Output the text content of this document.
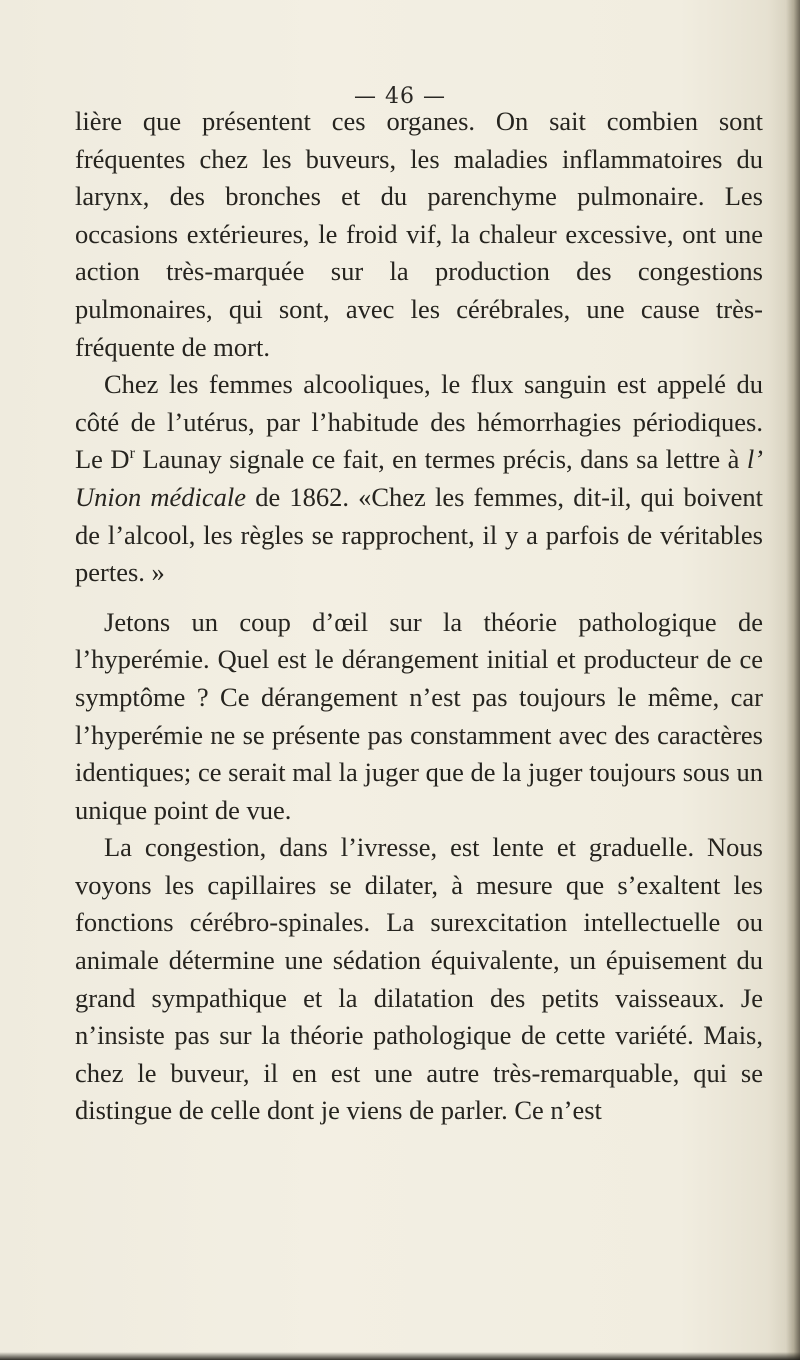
— 46 —

lière que présentent ces organes. On sait combien sont fréquentes chez les buveurs, les maladies inflammatoires du larynx, des bronches et du parenchyme pulmonaire. Les occasions extérieures, le froid vif, la chaleur excessive, ont une action très-marquée sur la production des congestions pulmonaires, qui sont, avec les cérébrales, une cause très-fréquente de mort.

Chez les femmes alcooliques, le flux sanguin est appelé du côté de l’utérus, par l’habitude des hémorrhagies périodiques. Le $D^r$ Launay signale ce fait, en termes précis, dans sa lettre à l’ Union médicale de 1862. «Chez les femmes, dit-il, qui boivent de l’alcool, les règles se rapprochent, il y a parfois de véritables pertes. »

Jetons un coup d’œil sur la théorie pathologique de l’hyperémie. Quel est le dérangement initial et producteur de ce symptôme ? Ce dérangement n’est pas toujours le même, car l’hyperémie ne se présente pas constamment avec des caractères identiques; ce serait mal la juger que de la juger toujours sous un unique point de vue.

La congestion, dans l’ivresse, est lente et graduelle. Nous voyons les capillaires se dilater, à mesure que s’exaltent les fonctions cérébro-spinales. La surexcitation intellectuelle ou animale détermine une sédation équivalente, un épuisement du grand sympathique et la dilatation des petits vaisseaux. Je n’insiste pas sur la théorie pathologique de cette variété. Mais, chez le buveur, il en est une autre très-remarquable, qui se distingue de celle dont je viens de parler. Ce n’est
